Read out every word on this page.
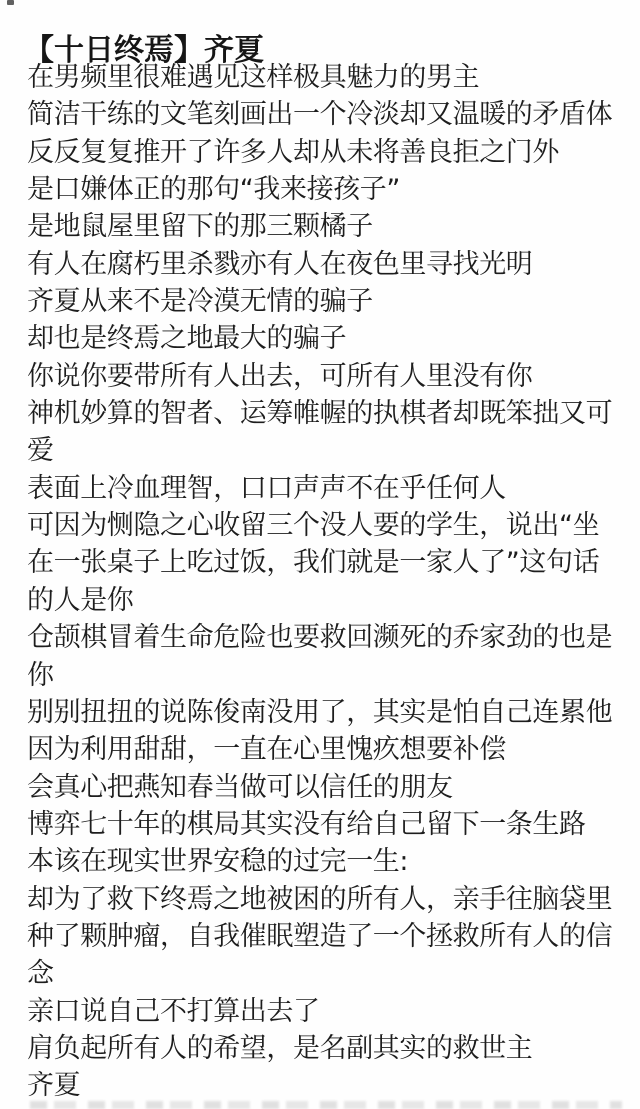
【十日终焉】齐夏
在男频里很难遇见这样极具魅力的男主
简洁干练的文笔刻画出一个冷淡却又温暖的矛盾体
反反复复推开了许多人却从未将善良拒之门外
是口嫌体正的那句“我来接孩子”
是地鼠屋里留下的那三颗橘子
有人在腐朽里杀戮亦有人在夜色里寻找光明
齐夏从来不是冷漠无情的骗子
却也是终焉之地最大的骗子
你说你要带所有人出去，可所有人里没有你
神机妙算的智者、运筹帷幄的执棋者却既笨拙又可
爱
表面上冷血理智，口口声声不在乎任何人
可因为恻隐之心收留三个没人要的学生，说出“坐
在一张桌子上吃过饭，我们就是一家人了”这句话
的人是你
仓颉棋冒着生命危险也要救回濒死的乔家劲的也是
你
别别扭扭的说陈俊南没用了，其实是怕自己连累他
因为利用甜甜，一直在心里愧疚想要补偿
会真心把燕知春当做可以信任的朋友
博弈七十年的棋局其实没有给自己留下一条生路
本该在现实世界安稳的过完一生:
却为了救下终焉之地被困的所有人，亲手往脑袋里
种了颗肿瘤，自我催眠塑造了一个拯救所有人的信
念
亲口说自己不打算出去了
肩负起所有人的希望，是名副其实的救世主
齐夏
